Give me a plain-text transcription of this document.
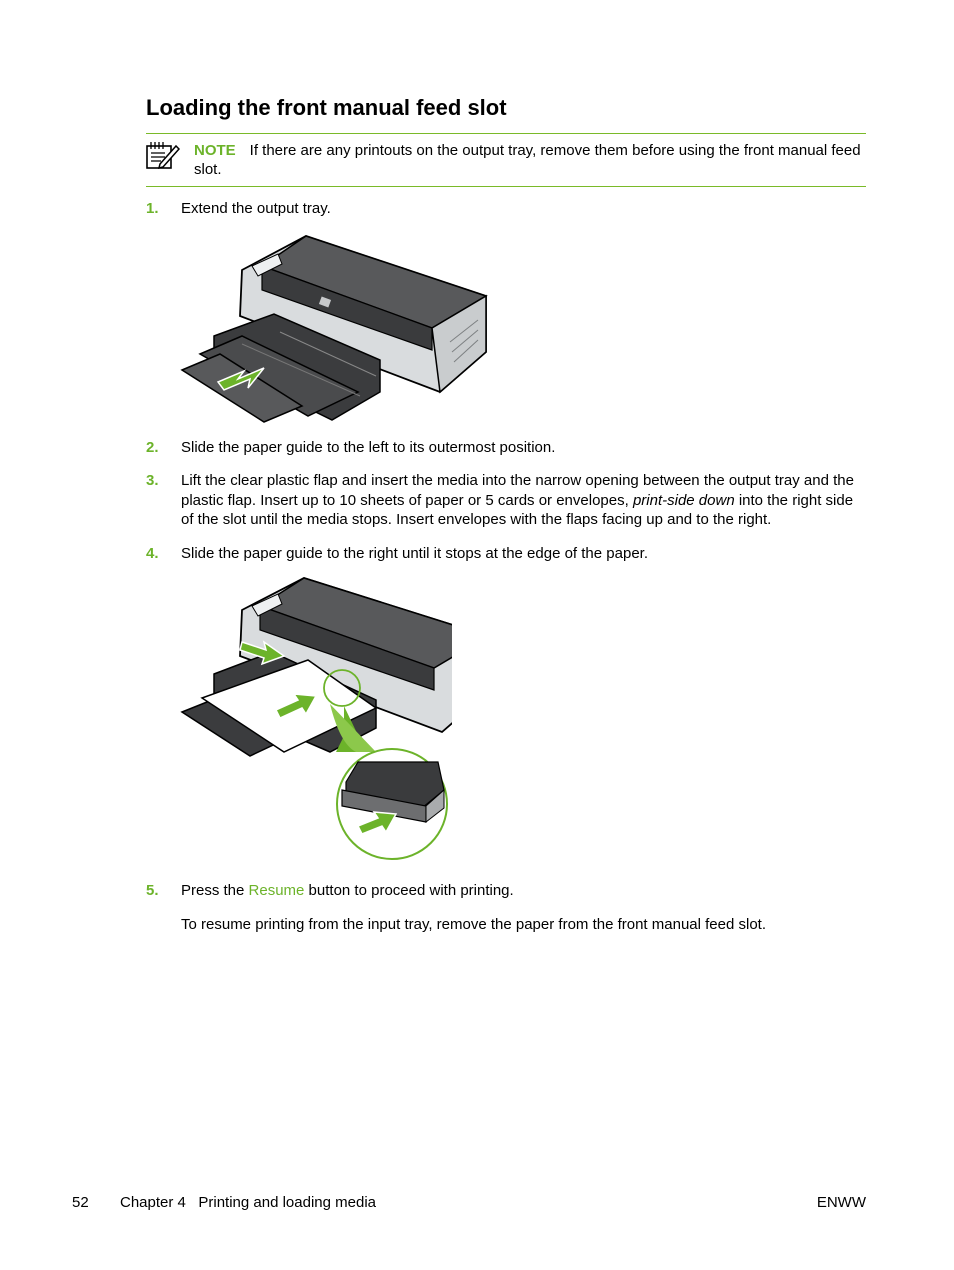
Loading the front manual feed slot
NOTE If there are any printouts on the output tray, remove them before using the front manual feed slot.
1. Extend the output tray.
2. Slide the paper guide to the left to its outermost position.
3. Lift the clear plastic flap and insert the media into the narrow opening between the output tray and the plastic flap. Insert up to 10 sheets of paper or 5 cards or envelopes, print-side down into the right side of the slot until the media stops. Insert envelopes with the flaps facing up and to the right.
4. Slide the paper guide to the right until it stops at the edge of the paper.
5. Press the Resume button to proceed with printing.
To resume printing from the input tray, remove the paper from the front manual feed slot.
52 Chapter 4   Printing and loading media	ENWW
